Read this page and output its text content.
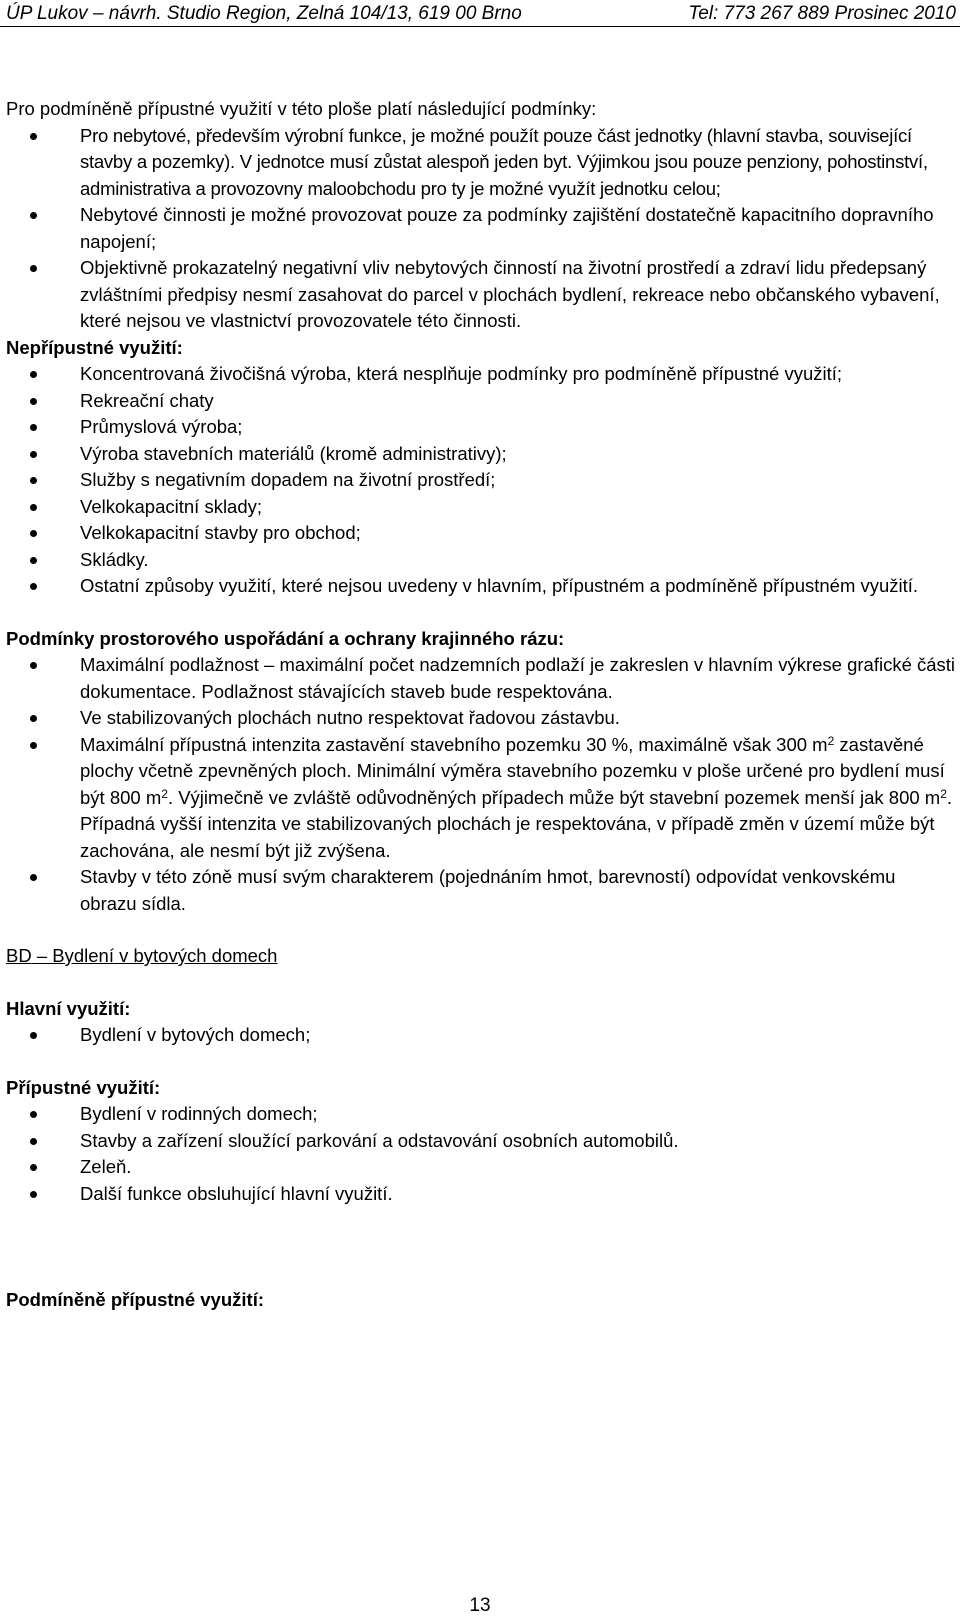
ÚP Lukov – návrh. Studio Region, Zelná 104/13, 619 00 Brno	Tel: 773 267 889 Prosinec 2010

Pro podmíněně přípustné využití v této ploše platí následující podmínky:

Pro nebytové, především výrobní funkce, je možné použít pouze část jednotky (hlavní stavba, související stavby a pozemky). V jednotce musí zůstat alespoň jeden byt. Výjimkou jsou pouze penziony, pohostinství, administrativa a provozovny maloobchodu pro ty je možné využít jednotku celou;
Nebytové činnosti je možné provozovat pouze za podmínky zajištění dostatečně kapacitního dopravního napojení;
Objektivně prokazatelný negativní vliv nebytových činností na životní prostředí a zdraví lidu předepsaný zvláštními předpisy nesmí zasahovat do parcel v plochách bydlení, rekreace nebo občanského vybavení, které nejsou ve vlastnictví provozovatele této činnosti.

Nepřípustné využití:

Koncentrovaná živočišná výroba, která nesplňuje podmínky pro podmíněně přípustné využití;
Rekreační chaty
Průmyslová výroba;
Výroba stavebních materiálů (kromě administrativy);
Služby s negativním dopadem na životní prostředí;
Velkokapacitní sklady;
Velkokapacitní stavby pro obchod;
Skládky.
Ostatní způsoby využití, které nejsou uvedeny v hlavním, přípustném a podmíněně přípustném využití.

Podmínky prostorového uspořádání a ochrany krajinného rázu:

Maximální podlažnost – maximální počet nadzemních podlaží je zakreslen v hlavním výkrese grafické části dokumentace. Podlažnost stávajících staveb bude respektována.
Ve stabilizovaných plochách nutno respektovat řadovou zástavbu.
Maximální přípustná intenzita zastavění stavebního pozemku 30 %, maximálně však 300 $m^2$ zastavěné plochy včetně zpevněných ploch. Minimální výměra stavebního pozemku v ploše určené pro bydlení musí být 800 $m^2$. Výjimečně ve zvláště odůvodněných případech může být stavební pozemek menší jak 800 $m^2$. Případná vyšší intenzita ve stabilizovaných plochách je respektována, v případě změn v území může být zachována, ale nesmí být již zvýšena.
Stavby v této zóně musí svým charakterem (pojednáním hmot, barevností) odpovídat venkovskému obrazu sídla.

BD – Bydlení v bytových domech

Hlavní využití:

Bydlení v bytových domech;

Přípustné využití:

Bydlení v rodinných domech;
Stavby a zařízení sloužící parkování a odstavování osobních automobilů.
Zeleň.
Další funkce obsluhující hlavní využití.

Podmíněně přípustné využití:

13
